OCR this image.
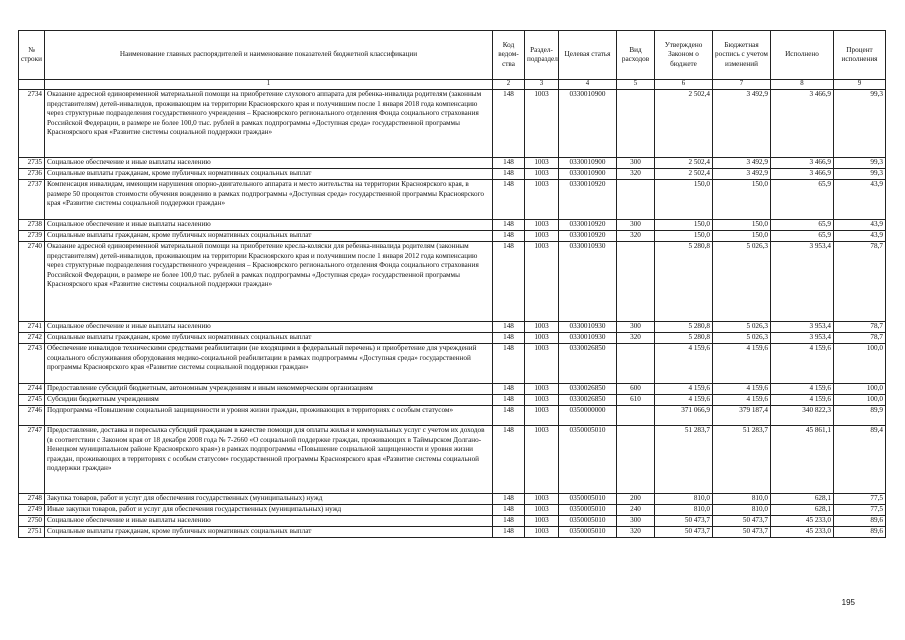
№ строки	Наименование главных распорядителей и наименование показателей бюджетной классификации	Код ведом-ства	Раздел-подраздел	Целевая статья	Вид расходов	Утверждено Законом о бюджете	Бюджетная роспись с учетом изменений	Исполнено	Процент исполнения
	1	2	3	4	5	6	7	8	9
2734	Оказание адресной единовременной материальной помощи на приобретение слухового аппарата для ребенка-инвалида родителям (законным представителям) детей-инвалидов, проживающим на территории Красноярского края и получившим после 1 января 2018 года компенсацию через структурные подразделения государственного учреждения – Красноярского регионального отделения Фонда социального страхования Российской Федерации, в размере не более 100,0 тыс. рублей в рамках подпрограммы «Доступная среда» государственной программы Красноярского края «Развитие системы социальной поддержки граждан»	148	1003	0330010900		2 502,4	3 492,9	3 466,9	99,3
2735	Социальное обеспечение и иные выплаты населению	148	1003	0330010900	300	2 502,4	3 492,9	3 466,9	99,3
2736	Социальные выплаты гражданам, кроме публичных нормативных социальных выплат	148	1003	0330010900	320	2 502,4	3 492,9	3 466,9	99,3
2737	Компенсация инвалидам, имеющим нарушения опорно-двигательного аппарата и место жительства на территории Красноярского края, в размере 50 процентов стоимости обучения вождению в рамках подпрограммы «Доступная среда» государственной программы Красноярского края «Развитие системы социальной поддержки граждан»	148	1003	0330010920		150,0	150,0	65,9	43,9
2738	Социальное обеспечение и иные выплаты населению	148	1003	0330010920	300	150,0	150,0	65,9	43,9
2739	Социальные выплаты гражданам, кроме публичных нормативных социальных выплат	148	1003	0330010920	320	150,0	150,0	65,9	43,9
2740	Оказание адресной единовременной материальной помощи на приобретение кресла-коляски для ребенка-инвалида родителям (законным представителям) детей-инвалидов, проживающим на территории Красноярского края и получившим после 1 января 2012 года компенсацию через структурные подразделения государственного учреждения – Красноярского регионального отделения Фонда социального страхования Российской Федерации, в размере не более 100,0 тыс. рублей в рамках подпрограммы «Доступная среда» государственной программы Красноярского края «Развитие системы социальной поддержки граждан»	148	1003	0330010930		5 280,8	5 026,3	3 953,4	78,7
2741	Социальное обеспечение и иные выплаты населению	148	1003	0330010930	300	5 280,8	5 026,3	3 953,4	78,7
2742	Социальные выплаты гражданам, кроме публичных нормативных социальных выплат	148	1003	0330010930	320	5 280,8	5 026,3	3 953,4	78,7
2743	Обеспечение инвалидов техническими средствами реабилитации (не входящими в федеральный перечень) и приобретение для учреждений социального обслуживания оборудования медико-социальной реабилитации в рамках подпрограммы «Доступная среда» государственной программы Красноярского края «Развитие системы социальной поддержки граждан»	148	1003	0330026850		4 159,6	4 159,6	4 159,6	100,0
2744	Предоставление субсидий бюджетным, автономным учреждениям и иным некоммерческим организациям	148	1003	0330026850	600	4 159,6	4 159,6	4 159,6	100,0
2745	Субсидии бюджетным учреждениям	148	1003	0330026850	610	4 159,6	4 159,6	4 159,6	100,0
2746	Подпрограмма «Повышение социальной защищенности и уровня жизни граждан, проживающих в территориях с особым статусом»	148	1003	0350000000		371 066,9	379 187,4	340 822,3	89,9
2747	Предоставление, доставка и пересылка субсидий гражданам в качестве помощи для оплаты жилья и коммунальных услуг с учетом их доходов (в соответствии с Законом края от 18 декабря 2008 года № 7-2660 «О социальной поддержке граждан, проживающих в Таймырском Долгано-Ненецком муниципальном районе Красноярского края») в рамках подпрограммы «Повышение социальной защищенности и уровня жизни граждан, проживающих в территориях с особым статусом» государственной программы Красноярского края «Развитие системы социальной поддержки граждан»	148	1003	0350005010		51 283,7	51 283,7	45 861,1	89,4
2748	Закупка товаров, работ и услуг для обеспечения государственных (муниципальных) нужд	148	1003	0350005010	200	810,0	810,0	628,1	77,5
2749	Иные закупки товаров, работ и услуг для обеспечения государственных (муниципальных) нужд	148	1003	0350005010	240	810,0	810,0	628,1	77,5
2750	Социальное обеспечение и иные выплаты населению	148	1003	0350005010	300	50 473,7	50 473,7	45 233,0	89,6
2751	Социальные выплаты гражданам, кроме публичных нормативных социальных выплат	148	1003	0350005010	320	50 473,7	50 473,7	45 233,0	89,6
195
